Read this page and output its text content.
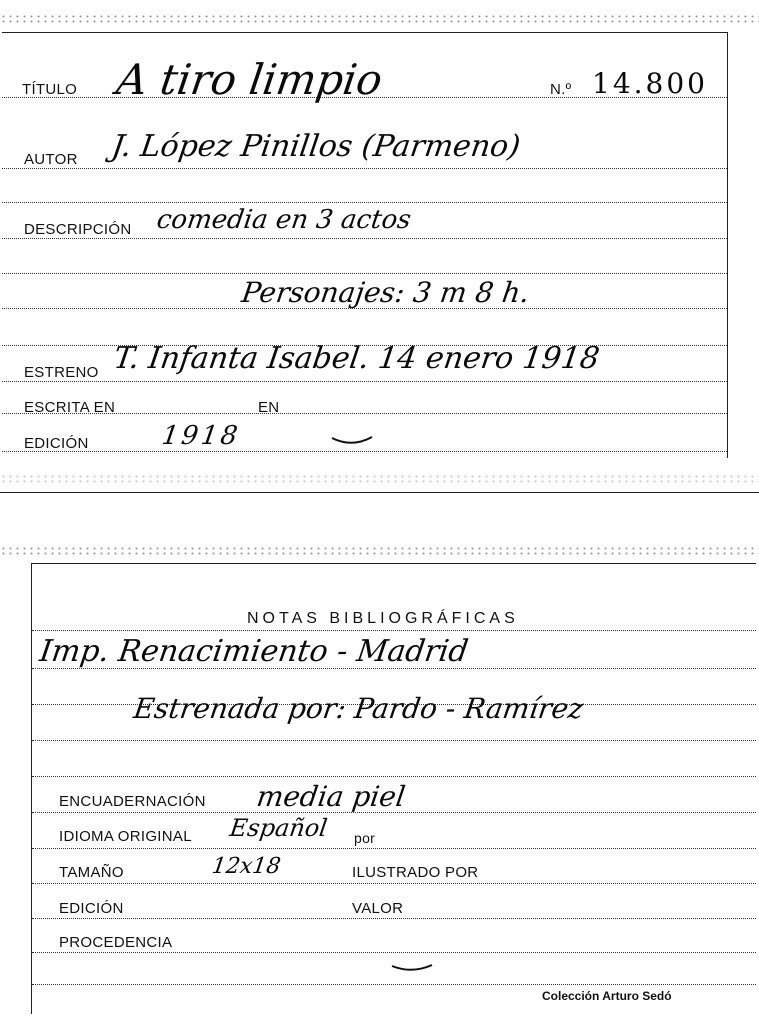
TÍTULO A tiro limpio	N.º 14.800
AUTOR J. López Pinillos (Parmeno)
DESCRIPCIÓN comedia en 3 actos
Personajes: 3 m 8 h.
ESTRENO T. Infanta Isabel. 14 enero 1918
ESCRITA EN	EN
EDICIÓN	1918
NOTAS BIBLIOGRÁFICAS
Imp. Renacimiento - Madrid
Estrenada por: Pardo - Ramírez
ENCUADERNACIÓN media piel
IDIOMA ORIGINAL Español por
TAMAÑO	12x18	ILUSTRADO POR
EDICIÓN	VALOR
PROCEDENCIA
Colección Arturo Sedó
